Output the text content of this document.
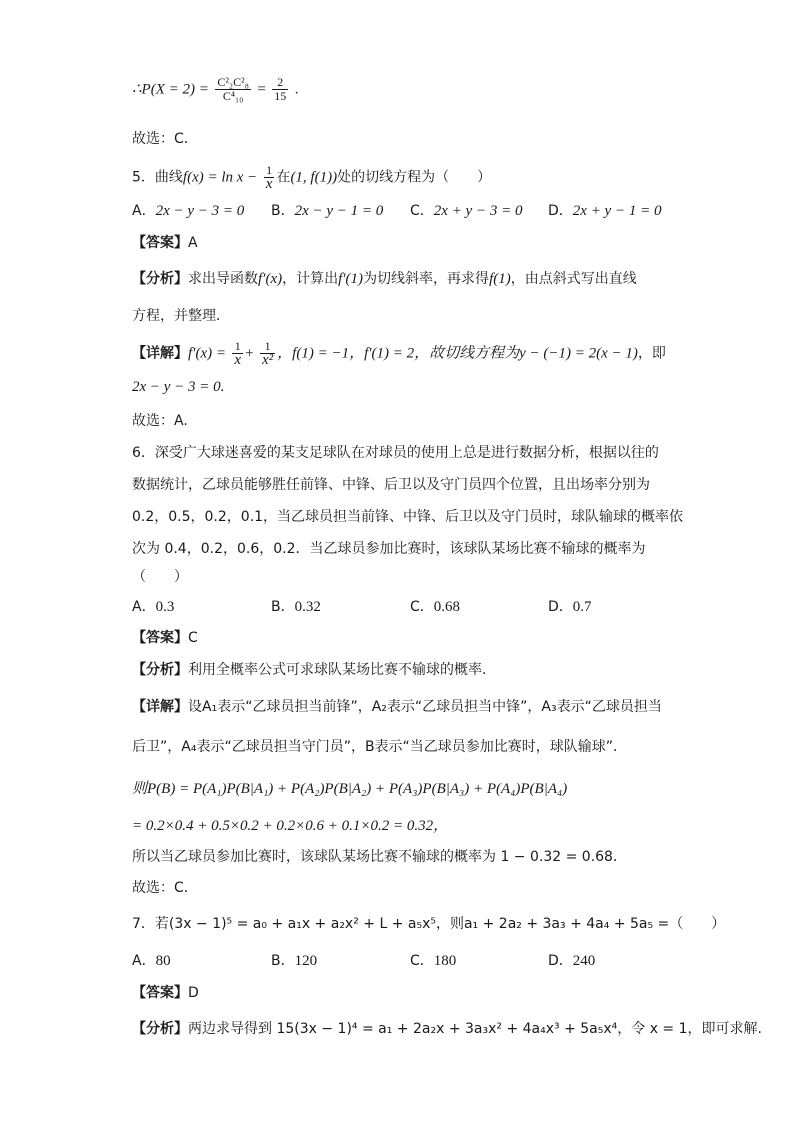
∴P(X = $2) = \frac{\text{C²₂C²₈}}{\text{C⁴₁₀}} = \frac{2}{15}$ .
故选：C．
5．曲线$f(x) = \ln x - \frac{1}{x}$ 在(1, f(1))处的切线方程为（　　）
A．2x − y − 3 = 0 B．2x − y − 1 = 0 C．2x + y − 3 = 0 D．2x + y − 1 = 0
【答案】A
【分析】求出导函数f′(x)，计算出f′(1)为切线斜率，再求得f(1)，由点斜式写出直线
方程，并整理．
【详解】$f'(x) = \frac{1}{x} + \frac{1}{\text{x²}}$ ，f(1) = −1，f′(1) = 2，故切线方程为y − (−1) = 2(x − 1)，即
2x − y − 3 = 0.
故选：A.
6．深受广大球迷喜爱的某支足球队在对球员的使用上总是进行数据分析，根据以往的
数据统计，乙球员能够胜任前锋、中锋、后卫以及守门员四个位置，且出场率分别为
0.2，0.5，0.2，0.1，当乙球员担当前锋、中锋、后卫以及守门员时，球队输球的概率依
次为 0.4，0.2，0.6，0.2．当乙球员参加比赛时，该球队某场比赛不输球的概率为
（　　）
A．0.3	B．0.32	C．0.68	D．0.7
【答案】C
【分析】利用全概率公式可求球队某场比赛不输球的概率.
【详解】设A₁表示“乙球员担当前锋”，A₂表示“乙球员担当中锋”，A₃表示“乙球员担当
后卫”，A₄表示“乙球员担当守门员”，B表示“当乙球员参加比赛时，球队输球”．
则P(B) = P(A₁)P(B|A₁) + P(A₂)P(B|A₂) + P(A₃)P(B|A₃) + P(A₄)P(B|A₄)
= 0.2×0.4 + 0.5×0.2 + 0.2×0.6 + 0.1×0.2 = 0.32，
所以当乙球员参加比赛时，该球队某场比赛不输球的概率为 1 − 0.32 = 0.68．
故选：C．
7．若(3x − 1)⁵ = a₀ + a₁x + a₂x² + L + a₅x⁵，则a₁ + 2a₂ + 3a₃ + 4a₄ + 5a₅ =（　　）
A．80	B．120	C．180	D．240
【答案】D
【分析】两边求导得到 15(3x − 1)⁴ = a₁ + 2a₂x + 3a₃x² + 4a₄x³ + 5a₅x⁴，令 x = 1，即可求解.
